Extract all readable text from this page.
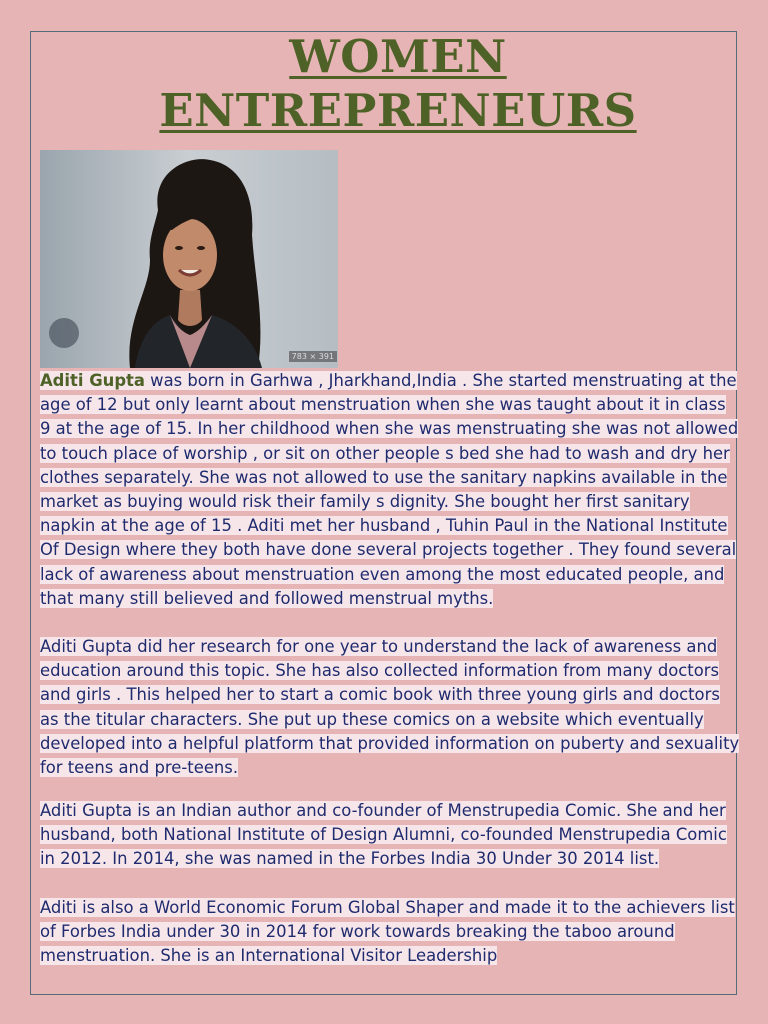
WOMEN
ENTREPRENEURS
783 × 391
Aditi Gupta was born in Garhwa , Jharkhand,India . She started menstruating at the age of 12 but only learnt about menstruation when she was taught about it in class 9 at the age of 15. In her childhood when she was menstruating she was not allowed to touch place of worship , or sit on other people s bed she had to wash and dry her clothes separately. She was not allowed to use the sanitary napkins available in the market as buying would risk their family s dignity. She bought her first sanitary napkin at the age of 15 . Aditi met her husband , Tuhin Paul in the National Institute Of Design where they both have done several projects together . They found several lack of awareness about menstruation even among the most educated people, and that many still believed and followed menstrual myths.
Aditi Gupta did her research for one year to understand the lack of awareness and education around this topic. She has also collected information from many doctors and girls . This helped her to start a comic book with three young girls and doctors as the titular characters. She put up these comics on a website which eventually developed into a helpful platform that provided information on puberty and sexuality for teens and pre-teens.
Aditi Gupta is an Indian author and co-founder of Menstrupedia Comic. She and her husband, both National Institute of Design Alumni, co-founded Menstrupedia Comic in 2012. In 2014, she was named in the Forbes India 30 Under 30 2014 list.
Aditi is also a World Economic Forum Global Shaper and made it to the achievers list of Forbes India under 30 in 2014 for work towards breaking the taboo around menstruation. She is an International Visitor Leadership
